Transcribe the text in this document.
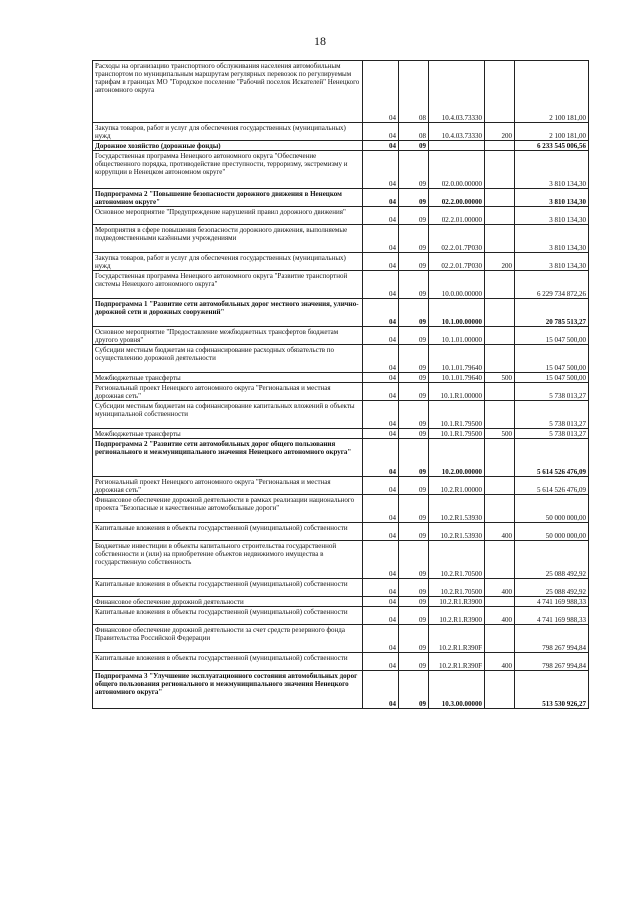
18
Расходы на организацию транспортного обслуживания населения автомобильным транспортом по муниципальным маршрутам регулярных перевозок по регулируемым тарифам в границах МО "Городское поселение "Рабочий поселок Искателей" Ненецкого автономного округа	04	08	10.4.03.73330		2 100 181,00
Закупка товаров, работ и услуг для обеспечения государственных (муниципальных) нужд	04	08	10.4.03.73330	200	2 100 181,00
Дорожное хозяйство (дорожные фонды)	04	09			6 233 545 006,56
Государственная программа Ненецкого автономного округа "Обеспечение общественного порядка, противодействие преступности, терроризму, экстремизму и коррупции в Ненецком автономном округе"	04	09	02.0.00.00000		3 810 134,30
Подпрограмма 2 "Повышение безопасности дорожного движения в Ненецком автономном округе"	04	09	02.2.00.00000		3 810 134,30
Основное мероприятие "Предупреждение нарушений правил дорожного движения"	04	09	02.2.01.00000		3 810 134,30
Мероприятия в сфере повышения безопасности дорожного движения, выполняемые подведомственными казёнными учреждениями	04	09	02.2.01.7Р030		3 810 134,30
Закупка товаров, работ и услуг для обеспечения государственных (муниципальных) нужд	04	09	02.2.01.7Р030	200	3 810 134,30
Государственная программа Ненецкого автономного округа "Развитие транспортной системы Ненецкого автономного округа"	04	09	10.0.00.00000		6 229 734 872,26
Подпрограмма 1 "Развитие сети автомобильных дорог местного значения, улично-дорожной сети и дорожных сооружений"	04	09	10.1.00.00000		20 785 513,27
Основное мероприятие "Предоставление межбюджетных трансфертов бюджетам другого уровня"	04	09	10.1.01.00000		15 047 500,00
Субсидии местным бюджетам на софинансирование расходных обязательств по осуществлению дорожной деятельности	04	09	10.1.01.79640		15 047 500,00
Межбюджетные трансферты	04	09	10.1.01.79640	500	15 047 500,00
Региональный проект Ненецкого автономного округа "Региональная и местная дорожная сеть"	04	09	10.1.R1.00000		5 738 013,27
Субсидии местным бюджетам на софинансирование капитальных вложений в объекты муниципальной собственности	04	09	10.1.R1.79500		5 738 013,27
Межбюджетные трансферты	04	09	10.1.R1.79500	500	5 738 013,27
Подпрограмма 2 "Развитие сети автомобильных дорог общего пользования регионального и межмуниципального значения Ненецкого автономного округа"	04	09	10.2.00.00000		5 614 526 476,09
Региональный проект Ненецкого автономного округа "Региональная и местная дорожная сеть"	04	09	10.2.R1.00000		5 614 526 476,09
Финансовое обеспечение дорожной деятельности в рамках реализации национального проекта "Безопасные и качественные автомобильные дороги"	04	09	10.2.R1.53930		50 000 000,00
Капитальные вложения в объекты государственной (муниципальной) собственности	04	09	10.2.R1.53930	400	50 000 000,00
Бюджетные инвестиции в объекты капитального строительства государственной собственности и (или) на приобретение объектов недвижимого имущества в государственную собственность	04	09	10.2.R1.70500		25 088 492,92
Капитальные вложения в объекты государственной (муниципальной) собственности	04	09	10.2.R1.70500	400	25 088 492,92
Финансовое обеспечение дорожной деятельности	04	09	10.2.R1.R3900		4 741 169 988,33
Капитальные вложения в объекты государственной (муниципальной) собственности	04	09	10.2.R1.R3900	400	4 741 169 988,33
Финансовое обеспечение дорожной деятельности за счет средств резервного фонда Правительства Российской Федерации	04	09	10.2.R1.R390F		798 267 994,84
Капитальные вложения в объекты государственной (муниципальной) собственности	04	09	10.2.R1.R390F	400	798 267 994,84
Подпрограмма 3 "Улучшение эксплуатационного состояния автомобильных дорог общего пользования регионального и межмуниципального значения Ненецкого автономного округа"	04	09	10.3.00.00000		513 530 926,27
